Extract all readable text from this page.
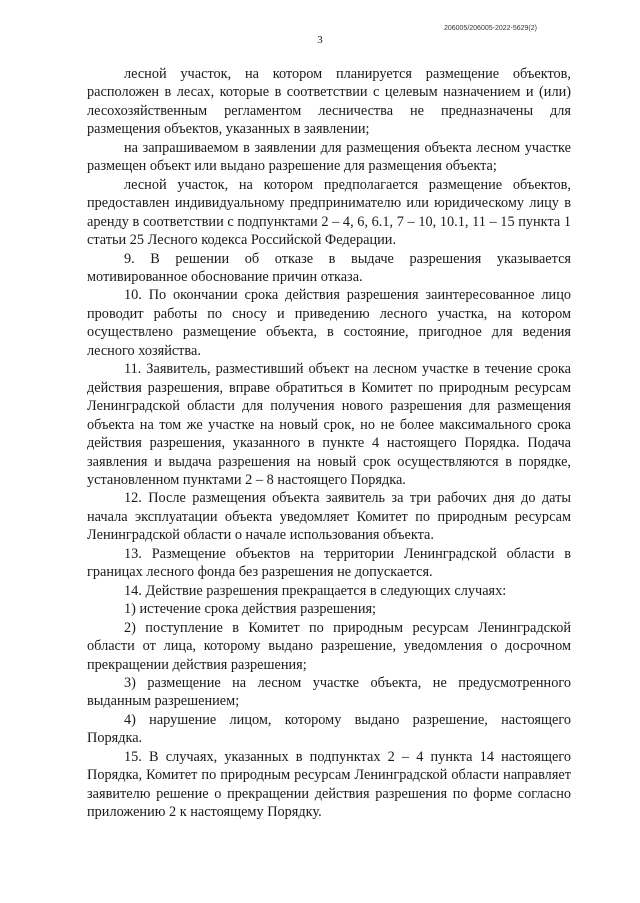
206005/206005-2022-5629(2)
3

лесной участок, на котором планируется размещение объектов, расположен в лесах, которые в соответствии с целевым назначением и (или) лесохозяйственным регламентом лесничества не предназначены для размещения объектов, указанных в заявлении;

на запрашиваемом в заявлении для размещения объекта лесном участке размещен объект или выдано разрешение для размещения объекта;

лесной участок, на котором предполагается размещение объектов, предоставлен индивидуальному предпринимателю или юридическому лицу в аренду в соответствии с подпунктами 2 – 4, 6, 6.1, 7 – 10, 10.1, 11 – 15 пункта 1 статьи 25 Лесного кодекса Российской Федерации.

9. В решении об отказе в выдаче разрешения указывается мотивированное обоснование причин отказа.

10. По окончании срока действия разрешения заинтересованное лицо проводит работы по сносу и приведению лесного участка, на котором осуществлено размещение объекта, в состояние, пригодное для ведения лесного хозяйства.

11. Заявитель, разместивший объект на лесном участке в течение срока действия разрешения, вправе обратиться в Комитет по природным ресурсам Ленинградской области для получения нового разрешения для размещения объекта на том же участке на новый срок, но не более максимального срока действия разрешения, указанного в пункте 4 настоящего Порядка. Подача заявления и выдача разрешения на новый срок осуществляются в порядке, установленном пунктами 2 – 8 настоящего Порядка.

12. После размещения объекта заявитель за три рабочих дня до даты начала эксплуатации объекта уведомляет Комитет по природным ресурсам Ленинградской области о начале использования объекта.

13. Размещение объектов на территории Ленинградской области в границах лесного фонда без разрешения не допускается.

14. Действие разрешения прекращается в следующих случаях:

1) истечение срока действия разрешения;

2) поступление в Комитет по природным ресурсам Ленинградской области от лица, которому выдано разрешение, уведомления о досрочном прекращении действия разрешения;

3) размещение на лесном участке объекта, не предусмотренного выданным разрешением;

4) нарушение лицом, которому выдано разрешение, настоящего Порядка.

15. В случаях, указанных в подпунктах 2 – 4 пункта 14 настоящего Порядка, Комитет по природным ресурсам Ленинградской области направляет заявителю решение о прекращении действия разрешения по форме согласно приложению 2 к настоящему Порядку.
